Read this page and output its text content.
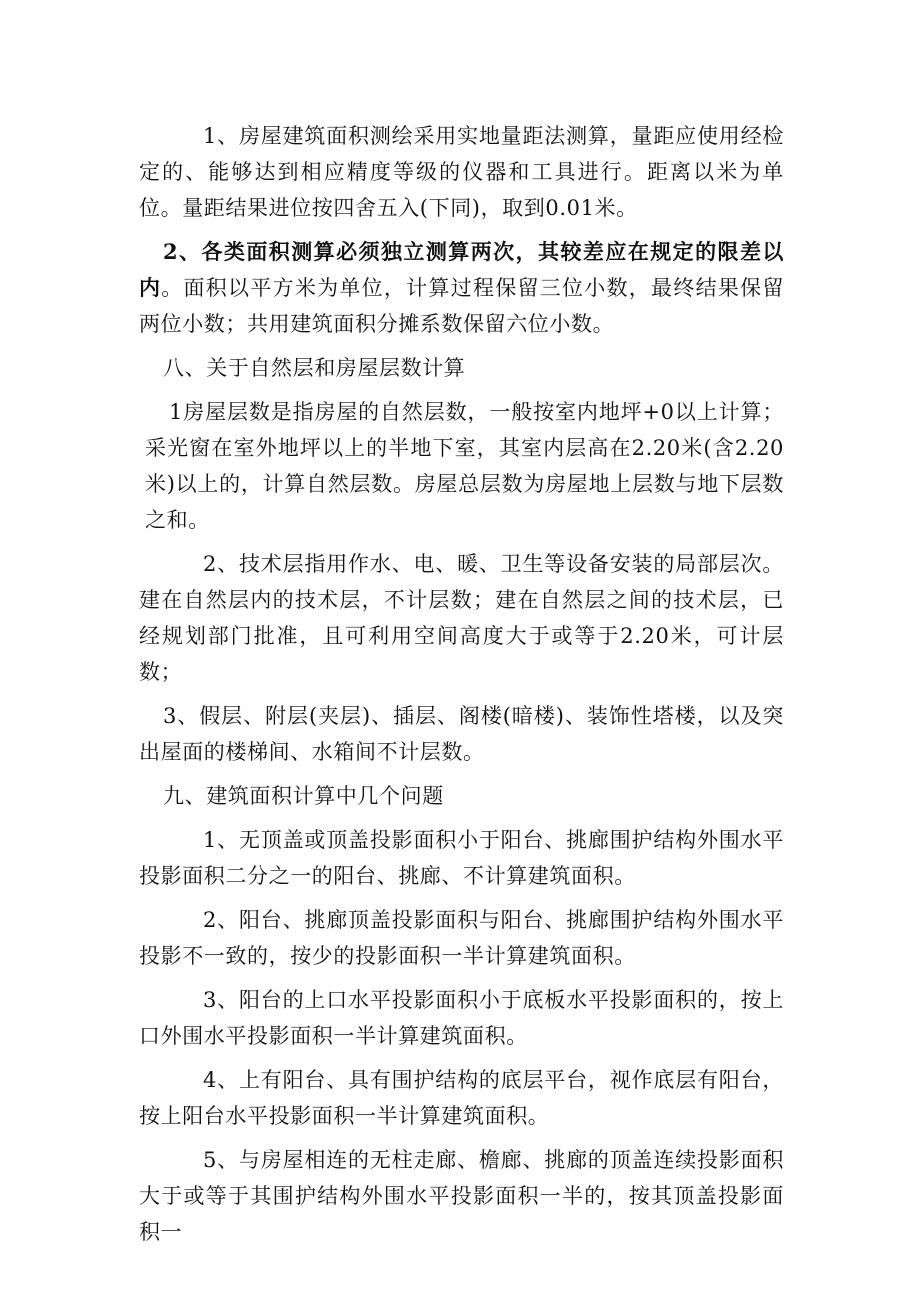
1、房屋建筑面积测绘采用实地量距法测算，量距应使用经检定的、能够达到相应精度等级的仪器和工具进行。距离以米为单位。量距结果进位按四舍五入(下同)，取到0.01米。

2、各类面积测算必须独立测算两次，其较差应在规定的限差以内。面积以平方米为单位，计算过程保留三位小数，最终结果保留两位小数；共用建筑面积分摊系数保留六位小数。

八、关于自然层和房屋层数计算

1房屋层数是指房屋的自然层数，一般按室内地坪+0以上计算；采光窗在室外地坪以上的半地下室，其室内层高在2.20米(含2.20米)以上的，计算自然层数。房屋总层数为房屋地上层数与地下层数之和。

2、技术层指用作水、电、暖、卫生等设备安装的局部层次。建在自然层内的技术层，不计层数；建在自然层之间的技术层，已经规划部门批准，且可利用空间高度大于或等于2.20米，可计层数；

3、假层、附层(夹层)、插层、阁楼(暗楼)、装饰性塔楼，以及突出屋面的楼梯间、水箱间不计层数。

九、建筑面积计算中几个问题

1、无顶盖或顶盖投影面积小于阳台、挑廊围护结构外围水平投影面积二分之一的阳台、挑廊、不计算建筑面积。

2、阳台、挑廊顶盖投影面积与阳台、挑廊围护结构外围水平投影不一致的，按少的投影面积一半计算建筑面积。

3、阳台的上口水平投影面积小于底板水平投影面积的，按上口外围水平投影面积一半计算建筑面积。

4、上有阳台、具有围护结构的底层平台，视作底层有阳台，按上阳台水平投影面积一半计算建筑面积。

5、与房屋相连的无柱走廊、檐廊、挑廊的顶盖连续投影面积大于或等于其围护结构外围水平投影面积一半的，按其顶盖投影面积一
